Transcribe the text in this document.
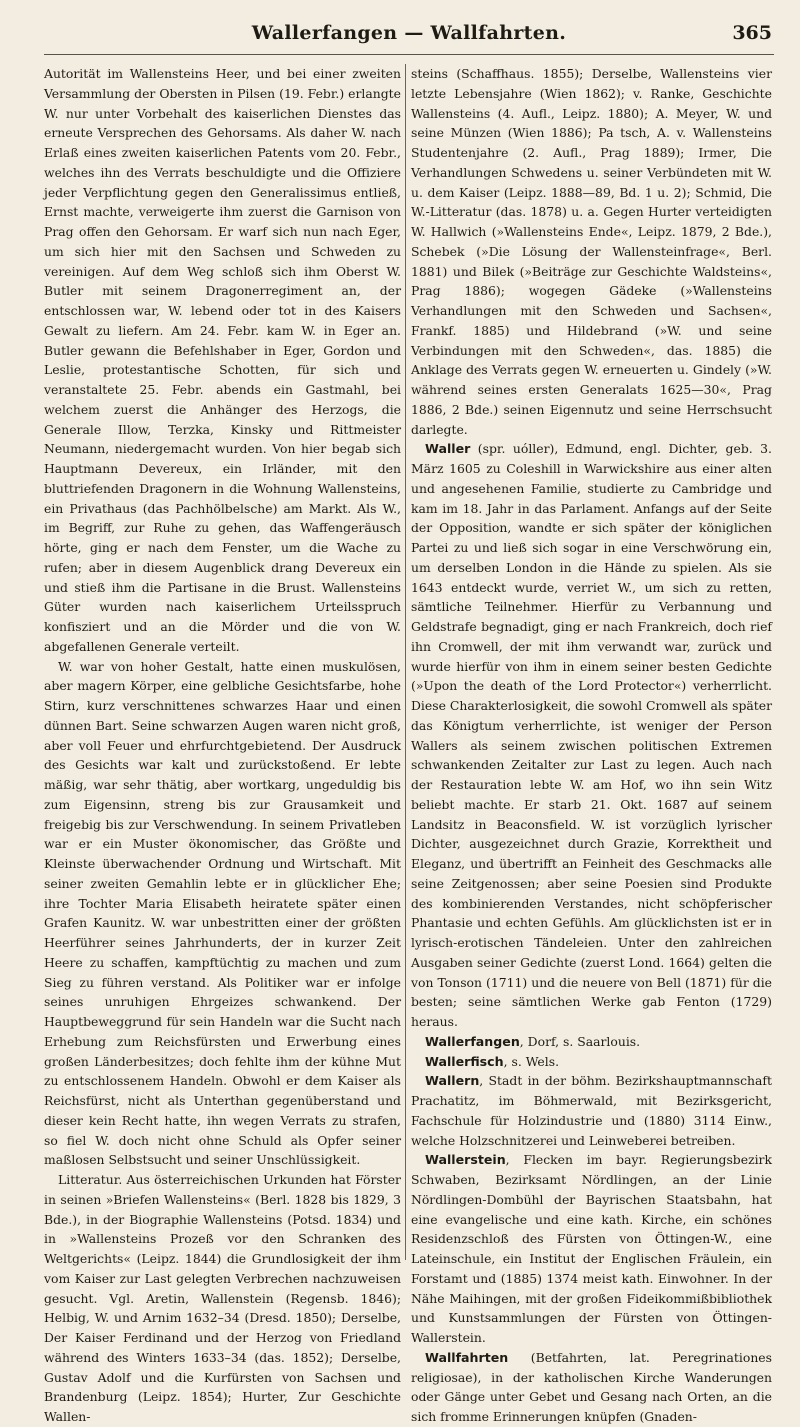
Wallerfangen — Wallfahrten.	365

Autorität im Wallensteins Heer, und bei einer zweiten Versammlung der Obersten in Pilsen (19. Febr.) erlangte W. nur unter Vorbehalt des kaiserlichen Dienstes das erneute Versprechen des Gehorsams. Als daher W. nach Erlaß eines zweiten kaiserlichen Patents vom 20. Febr., welches ihn des Verrats beschuldigte und die Offiziere jeder Verpflichtung gegen den Generalissimus entließ, Ernst machte, verweigerte ihm zuerst die Garnison von Prag offen den Gehorsam. Er warf sich nun nach Eger, um sich hier mit den Sachsen und Schweden zu vereinigen. Auf dem Weg schloß sich ihm Oberst W. Butler mit seinem Dragonerregiment an, der entschlossen war, W. lebend oder tot in des Kaisers Gewalt zu liefern. Am 24. Febr. kam W. in Eger an. Butler gewann die Befehlshaber in Eger, Gordon und Leslie, protestantische Schotten, für sich und veranstaltete 25. Febr. abends ein Gastmahl, bei welchem zuerst die Anhänger des Herzogs, die Generale Illow, Terzka, Kinsky und Rittmeister Neumann, niedergemacht wurden. Von hier begab sich Hauptmann Devereux, ein Irländer, mit den bluttriefenden Dragonern in die Wohnung Wallensteins, ein Privathaus (das Pachhölbelsche) am Markt. Als W., im Begriff, zur Ruhe zu gehen, das Waffengeräusch hörte, ging er nach dem Fenster, um die Wache zu rufen; aber in diesem Augenblick drang Devereux ein und stieß ihm die Partisane in die Brust. Wallensteins Güter wurden nach kaiserlichem Urteilsspruch konfisziert und an die Mörder und die von W. abgefallenen Generale verteilt.

W. war von hoher Gestalt, hatte einen muskulösen, aber magern Körper, eine gelbliche Gesichtsfarbe, hohe Stirn, kurz verschnittenes schwarzes Haar und einen dünnen Bart. Seine schwarzen Augen waren nicht groß, aber voll Feuer und ehrfurchtgebietend. Der Ausdruck des Gesichts war kalt und zurückstoßend. Er lebte mäßig, war sehr thätig, aber wortkarg, ungeduldig bis zum Eigensinn, streng bis zur Grausamkeit und freigebig bis zur Verschwendung. In seinem Privatleben war er ein Muster ökonomischer, das Größte und Kleinste überwachender Ordnung und Wirtschaft. Mit seiner zweiten Gemahlin lebte er in glücklicher Ehe; ihre Tochter Maria Elisabeth heiratete später einen Grafen Kaunitz. W. war unbestritten einer der größten Heerführer seines Jahrhunderts, der in kurzer Zeit Heere zu schaffen, kampftüchtig zu machen und zum Sieg zu führen verstand. Als Politiker war er infolge seines unruhigen Ehrgeizes schwankend. Der Hauptbeweggrund für sein Handeln war die Sucht nach Erhebung zum Reichsfürsten und Erwerbung eines großen Länderbesitzes; doch fehlte ihm der kühne Mut zu entschlossenem Handeln. Obwohl er dem Kaiser als Reichsfürst, nicht als Unterthan gegenüberstand und dieser kein Recht hatte, ihn wegen Verrats zu strafen, so fiel W. doch nicht ohne Schuld als Opfer seiner maßlosen Selbstsucht und seiner Unschlüssigkeit.

Litteratur. Aus österreichischen Urkunden hat Förster in seinen »Briefen Wallensteins« (Berl. 1828 bis 1829, 3 Bde.), in der Biographie Wallensteins (Potsd. 1834) und in »Wallensteins Prozeß vor den Schranken des Weltgerichts« (Leipz. 1844) die Grundlosigkeit der ihm vom Kaiser zur Last gelegten Verbrechen nachzuweisen gesucht. Vgl. Aretin, Wallenstein (Regensb. 1846); Helbig, W. und Arnim 1632–34 (Dresd. 1850); Derselbe, Der Kaiser Ferdinand und der Herzog von Friedland während des Winters 1633–34 (das. 1852); Derselbe, Gustav Adolf und die Kurfürsten von Sachsen und Brandenburg (Leipz. 1854); Hurter, Zur Geschichte Wallen-

steins (Schaffhaus. 1855); Derselbe, Wallensteins vier letzte Lebensjahre (Wien 1862); v. Ranke, Geschichte Wallensteins (4. Aufl., Leipz. 1880); A. Meyer, W. und seine Münzen (Wien 1886); Pa tsch, A. v. Wallensteins Studentenjahre (2. Aufl., Prag 1889); Irmer, Die Verhandlungen Schwedens u. seiner Verbündeten mit W. u. dem Kaiser (Leipz. 1888—89, Bd. 1 u. 2); Schmid, Die W.-Litteratur (das. 1878) u. a. Gegen Hurter verteidigten W. Hallwich (»Wallensteins Ende«, Leipz. 1879, 2 Bde.), Schebek (»Die Lösung der Wallensteinfrage«, Berl. 1881) und Bilek (»Beiträge zur Geschichte Waldsteins«, Prag 1886); wogegen Gädeke (»Wallensteins Verhandlungen mit den Schweden und Sachsen«, Frankf. 1885) und Hildebrand (»W. und seine Verbindungen mit den Schweden«, das. 1885) die Anklage des Verrats gegen W. erneuerten u. Gindely (»W. während seines ersten Generalats 1625—30«, Prag 1886, 2 Bde.) seinen Eigennutz und seine Herrschsucht darlegte.

Waller (spr. uóller), Edmund, engl. Dichter, geb. 3. März 1605 zu Coleshill in Warwickshire aus einer alten und angesehenen Familie, studierte zu Cambridge und kam im 18. Jahr in das Parlament. Anfangs auf der Seite der Opposition, wandte er sich später der königlichen Partei zu und ließ sich sogar in eine Verschwörung ein, um derselben London in die Hände zu spielen. Als sie 1643 entdeckt wurde, verriet W., um sich zu retten, sämtliche Teilnehmer. Hierfür zu Verbannung und Geldstrafe begnadigt, ging er nach Frankreich, doch rief ihn Cromwell, der mit ihm verwandt war, zurück und wurde hierfür von ihm in einem seiner besten Gedichte (»Upon the death of the Lord Protector«) verherrlicht. Diese Charakterlosigkeit, die sowohl Cromwell als später das Königtum verherrlichte, ist weniger der Person Wallers als seinem zwischen politischen Extremen schwankenden Zeitalter zur Last zu legen. Auch nach der Restauration lebte W. am Hof, wo ihn sein Witz beliebt machte. Er starb 21. Okt. 1687 auf seinem Landsitz in Beaconsfield. W. ist vorzüglich lyrischer Dichter, ausgezeichnet durch Grazie, Korrektheit und Eleganz, und übertrifft an Feinheit des Geschmacks alle seine Zeitgenossen; aber seine Poesien sind Produkte des kombinierenden Verstandes, nicht schöpferischer Phantasie und echten Gefühls. Am glücklichsten ist er in lyrisch-erotischen Tändeleien. Unter den zahlreichen Ausgaben seiner Gedichte (zuerst Lond. 1664) gelten die von Tonson (1711) und die neuere von Bell (1871) für die besten; seine sämtlichen Werke gab Fenton (1729) heraus.

Wallerfangen, Dorf, s. Saarlouis.

Wallerfisch, s. Wels.

Wallern, Stadt in der böhm. Bezirkshauptmannschaft Prachatitz, im Böhmerwald, mit Bezirksgericht, Fachschule für Holzindustrie und (1880) 3114 Einw., welche Holzschnitzerei und Leinweberei betreiben.

Wallerstein, Flecken im bayr. Regierungsbezirk Schwaben, Bezirksamt Nördlingen, an der Linie Nördlingen-Dombühl der Bayrischen Staatsbahn, hat eine evangelische und eine kath. Kirche, ein schönes Residenzschloß des Fürsten von Öttingen-W., eine Lateinschule, ein Institut der Englischen Fräulein, ein Forstamt und (1885) 1374 meist kath. Einwohner. In der Nähe Maihingen, mit der großen Fideikommißbibliothek und Kunstsammlungen der Fürsten von Öttingen-Wallerstein.

Wallfahrten (Betfahrten, lat. Peregrinationes religiosae), in der katholischen Kirche Wanderungen oder Gänge unter Gebet und Gesang nach Orten, an die sich fromme Erinnerungen knüpfen (Gnaden-
